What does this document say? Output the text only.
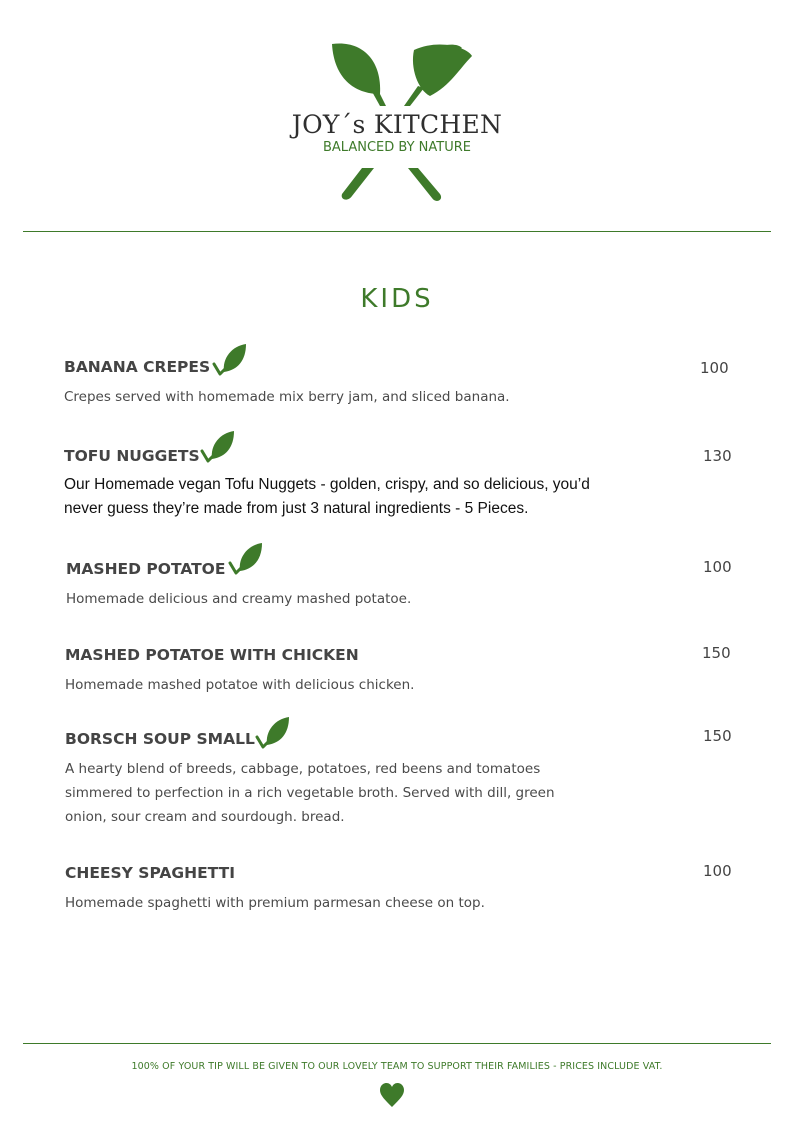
JOY´s KITCHEN
BALANCED BY NATURE
KIDS
BANANA CREPES	100
Crepes served with homemade mix berry jam, and sliced banana.
TOFU NUGGETS	130
Our Homemade vegan Tofu Nuggets - golden, crispy, and so delicious, you’d
never guess they’re made from just 3 natural ingredients - 5 Pieces.
MASHED POTATOE	100
Homemade delicious and creamy mashed potatoe.
MASHED POTATOE WITH CHICKEN	150
Homemade mashed potatoe with delicious chicken.
BORSCH SOUP SMALL	150
A hearty blend of breeds, cabbage, potatoes, red beens and tomatoes
simmered to perfection in a rich vegetable broth. Served with dill, green
onion, sour cream and sourdough. bread.
CHEESY SPAGHETTI	100
Homemade spaghetti with premium parmesan cheese on top.
100% OF YOUR TIP WILL BE GIVEN TO OUR LOVELY TEAM TO SUPPORT THEIR FAMILIES - PRICES INCLUDE VAT.
